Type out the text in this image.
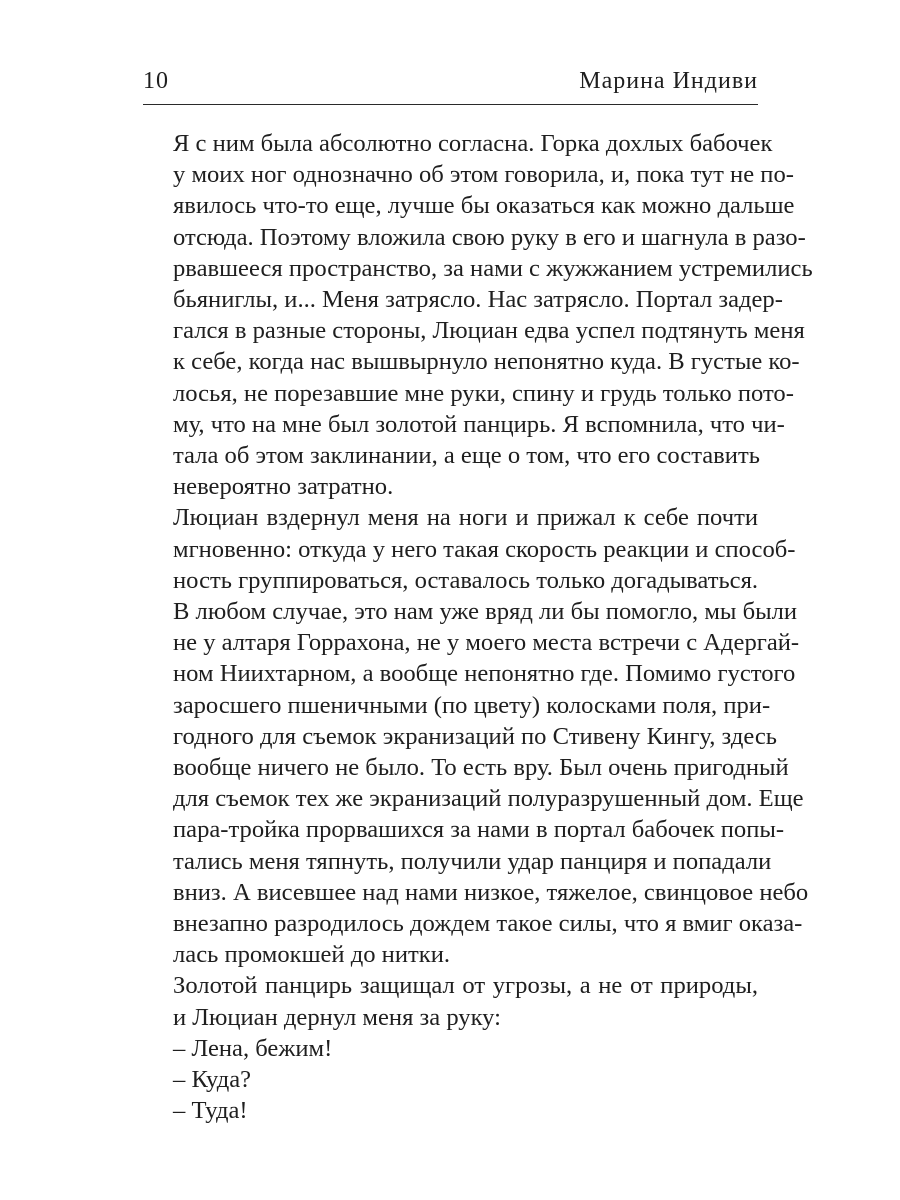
10	Марина Индиви
Я с ним была абсолютно согласна. Горка дохлых бабочек
у моих ног однозначно об этом говорила, и, пока тут не по-
явилось что-то еще, лучше бы оказаться как можно дальше
отсюда. Поэтому вложила свою руку в его и шагнула в разо-
рвавшееся пространство, за нами с жужжанием устремились
бьяниглы, и... Меня затрясло. Нас затрясло. Портал задер-
гался в разные стороны, Люциан едва успел подтянуть меня
к себе, когда нас вышвырнуло непонятно куда. В густые ко-
лосья, не порезавшие мне руки, спину и грудь только пото-
му, что на мне был золотой панцирь. Я вспомнила, что чи-
тала об этом заклинании, а еще о том, что его составить
невероятно затратно.
Люциан вздернул меня на ноги и прижал к себе почти
мгновенно: откуда у него такая скорость реакции и способ-
ность группироваться, оставалось только догадываться.
В любом случае, это нам уже вряд ли бы помогло, мы были
не у алтаря Горрахона, не у моего места встречи с Адергай-
ном Ниихтарном, а вообще непонятно где. Помимо густого
заросшего пшеничными (по цвету) колосками поля, при-
годного для съемок экранизаций по Стивену Кингу, здесь
вообще ничего не было. То есть вру. Был очень пригодный
для съемок тех же экранизаций полуразрушенный дом. Еще
пара-тройка прорвашихся за нами в портал бабочек попы-
тались меня тяпнуть, получили удар панциря и попадали
вниз. А висевшее над нами низкое, тяжелое, свинцовое небо
внезапно разродилось дождем такое силы, что я вмиг оказа-
лась промокшей до нитки.
Золотой панцирь защищал от угрозы, а не от природы,
и Люциан дернул меня за руку:
– Лена, бежим!
– Куда?
– Туда!
